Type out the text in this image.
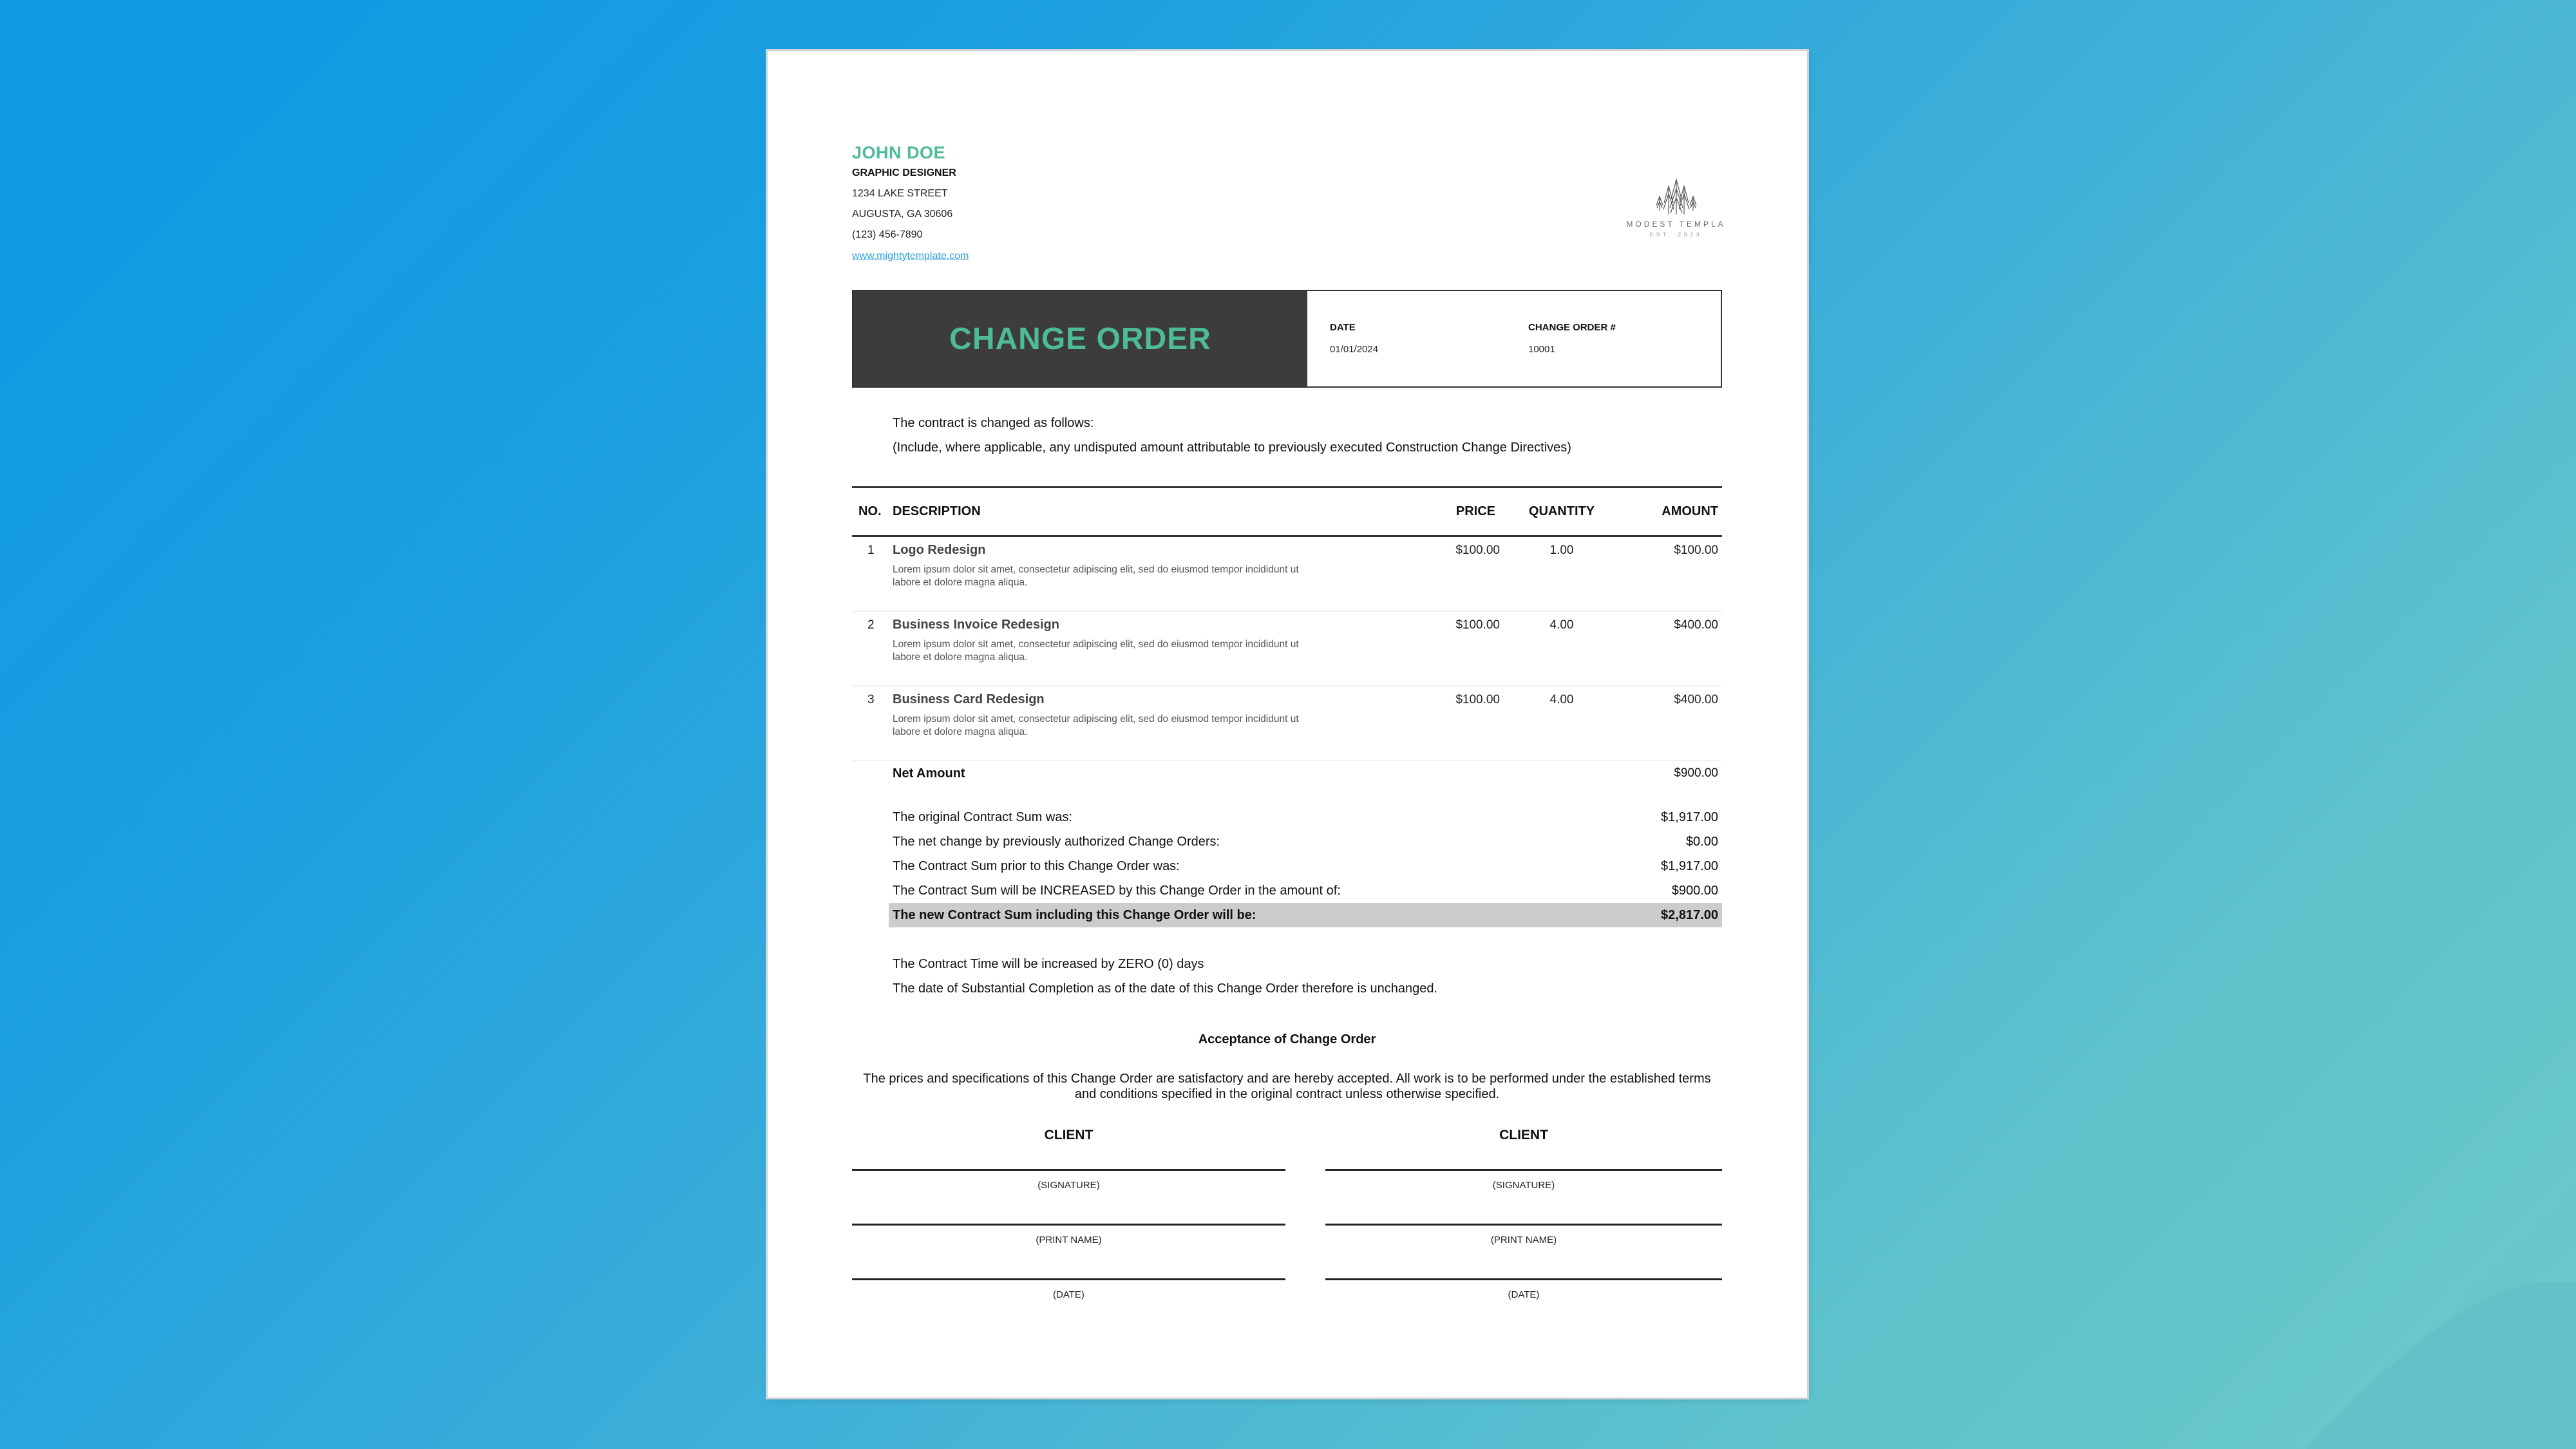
JOHN DOE
GRAPHIC DESIGNER
1234 LAKE STREET
AUGUSTA, GA 30606
(123) 456-7890
www.mightytemplate.com
MODEST TEMPLA
EST. 2023
CHANGE ORDER	DATE
01/01/2024
CHANGE ORDER #
10001
The contract is changed as follows:
(Include, where applicable, any undisputed amount attributable to previously executed Construction Change Directives)
NO. DESCRIPTION	PRICE	QUANTITY	AMOUNT
1 Logo Redesign
Lorem ipsum dolor sit amet, consectetur adipiscing elit, sed do eiusmod tempor incididunt ut labore et dolore magna aliqua.
$100.00	1.00	$100.00
2 Business Invoice Redesign
Lorem ipsum dolor sit amet, consectetur adipiscing elit, sed do eiusmod tempor incididunt ut labore et dolore magna aliqua.
$100.00	4.00	$400.00
3 Business Card Redesign
Lorem ipsum dolor sit amet, consectetur adipiscing elit, sed do eiusmod tempor incididunt ut labore et dolore magna aliqua.
$100.00	4.00	$400.00
Net Amount	$900.00
The original Contract Sum was:	$1,917.00
The net change by previously authorized Change Orders:	$0.00
The Contract Sum prior to this Change Order was:	$1,917.00
The Contract Sum will be INCREASED by this Change Order in the amount of:	$900.00
The new Contract Sum including this Change Order will be:	$2,817.00
The Contract Time will be increased by ZERO (0) days
The date of Substantial Completion as of the date of this Change Order therefore is unchanged.
Acceptance of Change Order
The prices and specifications of this Change Order are satisfactory and are hereby accepted. All work is to be performed under the established terms and conditions specified in the original contract unless otherwise specified.
CLIENT
(SIGNATURE)
(PRINT NAME)
(DATE)
CLIENT
(SIGNATURE)
(PRINT NAME)
(DATE)
